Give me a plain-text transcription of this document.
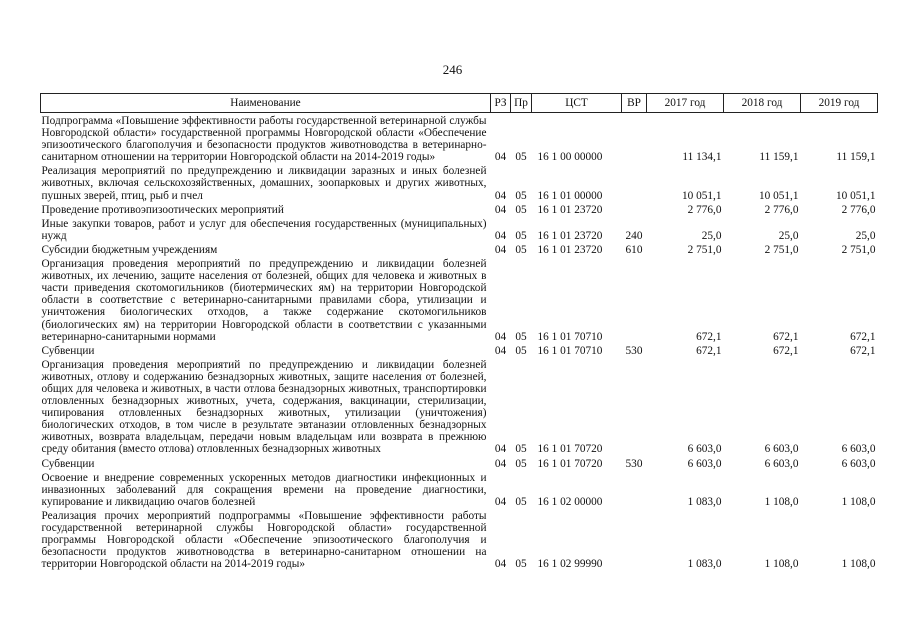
246
Наименование	РЗ	Пр	ЦСТ	ВР	2017 год	2018 год	2019 год
Подпрограмма «Повышение эффективности работы государственной ветеринарной службы Новгородской области» государственной программы Новгородской области «Обеспечение эпизоотического благополучия и безопасности продуктов животноводства в ветеринарно-санитарном отношении на территории Новгородской области на 2014-2019 годы»	04	05	16 1 00 00000		11 134,1	11 159,1	11 159,1
Реализация мероприятий по предупреждению и ликвидации заразных и иных болезней животных, включая сельскохозяйственных, домашних, зоопарковых и других животных, пушных зверей, птиц, рыб и пчел	04	05	16 1 01 00000		10 051,1	10 051,1	10 051,1
Проведение противоэпизоотических мероприятий	04	05	16 1 01 23720		2 776,0	2 776,0	2 776,0
Иные закупки товаров, работ и услуг для обеспечения государственных (муниципальных) нужд	04	05	16 1 01 23720	240	25,0	25,0	25,0
Субсидии бюджетным учреждениям	04	05	16 1 01 23720	610	2 751,0	2 751,0	2 751,0
Организация проведения мероприятий по предупреждению и ликвидации болезней животных, их лечению, защите населения от болезней, общих для человека и животных в части приведения скотомогильников (биотермических ям) на территории Новгородской области в соответствие с ветеринарно-санитарными правилами сбора, утилизации и уничтожения биологических отходов, а также содержание скотомогильников (биологических ям) на территории Новгородской области в соответствии с указанными ветеринарно-санитарными нормами	04	05	16 1 01 70710		672,1	672,1	672,1
Субвенции	04	05	16 1 01 70710	530	672,1	672,1	672,1
Организация проведения мероприятий по предупреждению и ликвидации болезней животных, отлову и содержанию безнадзорных животных, защите населения от болезней, общих для человека и животных, в части отлова безнадзорных животных, транспортировки отловленных безнадзорных животных, учета, содержания, вакцинации, стерилизации, чипирования отловленных безнадзорных животных, утилизации (уничтожения) биологических отходов, в том числе в результате эвтаназии отловленных безнадзорных животных, возврата владельцам, передачи новым владельцам или возврата в прежнюю среду обитания (вместо отлова) отловленных безнадзорных животных	04	05	16 1 01 70720		6 603,0	6 603,0	6 603,0
Субвенции	04	05	16 1 01 70720	530	6 603,0	6 603,0	6 603,0
Освоение и внедрение современных ускоренных методов диагностики инфекционных и инвазионных заболеваний для сокращения времени на проведение диагностики, купирование и ликвидацию очагов болезней	04	05	16 1 02 00000		1 083,0	1 108,0	1 108,0
Реализация прочих мероприятий подпрограммы «Повышение эффективности работы государственной ветеринарной службы Новгородской области» государственной программы Новгородской области «Обеспечение эпизоотического благополучия и безопасности продуктов животноводства в ветеринарно-санитарном отношении на территории Новгородской области на 2014-2019 годы»	04	05	16 1 02 99990		1 083,0	1 108,0	1 108,0
